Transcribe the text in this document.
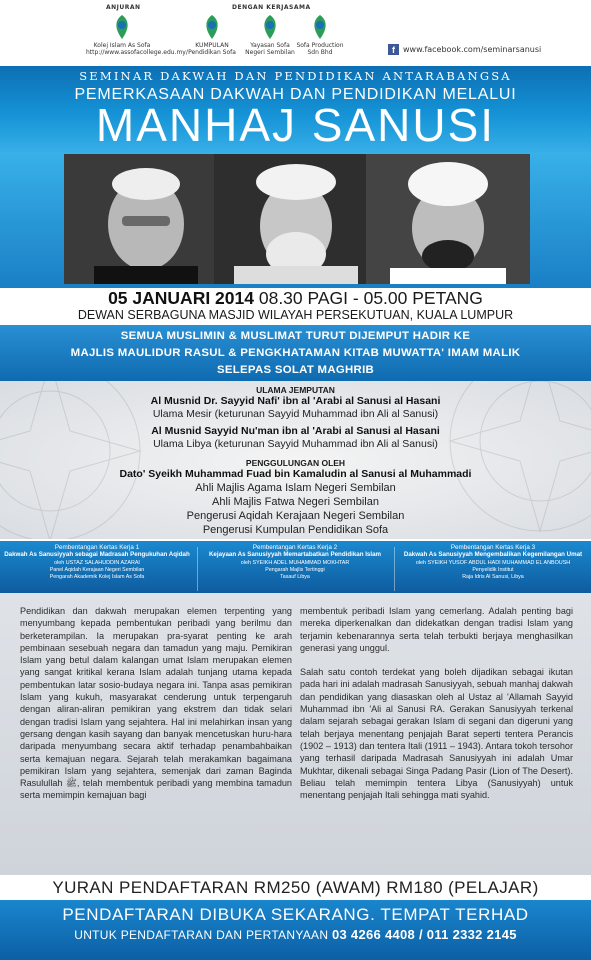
ANJURAN	DENGAN KERJASAMA
Kolej Islam As Sofa
http://www.assofacollege.edu.my/
KUMPULAN
Pendidikan Sofa
Yayasan Sofa
Negeri Sembilan
Sofa Production
Sdn Bhd	f	www.facebook.com/seminarsanusi
SEMINAR DAKWAH DAN PENDIDIKAN ANTARABANGSA
PEMERKASAAN DAKWAH DAN PENDIDIKAN MELALUI
MANHAJ SANUSI
05 JANUARI 2014 08.30 PAGI - 05.00 PETANG
DEWAN SERBAGUNA MASJID WILAYAH PERSEKUTUAN, KUALA LUMPUR
SEMUA MUSLIMIN & MUSLIMAT TURUT DIJEMPUT HADIR KE
MAJLIS MAULIDUR RASUL & PENGKHATAMAN KITAB MUWATTA' IMAM MALIK
SELEPAS SOLAT MAGHRIB
ULAMA JEMPUTAN
Al Musnid Dr. Sayyid Nafi' ibn al 'Arabi al Sanusi al Hasani
Ulama Mesir (keturunan Sayyid Muhammad ibn Ali al Sanusi)
Al Musnid Sayyid Nu'man ibn al 'Arabi al Sanusi al Hasani
Ulama Libya (keturunan Sayyid Muhammad ibn Ali al Sanusi)
PENGGULUNGAN OLEH
Dato' Syeikh Muhammad Fuad bin Kamaludin al Sanusi al Muhammadi
Ahli Majlis Agama Islam Negeri Sembilan
Ahli Majlis Fatwa Negeri Sembilan
Pengerusi Aqidah Kerajaan Negeri Sembilan
Pengerusi Kumpulan Pendidikan Sofa
Pembentangan Kertas Kerja 1
Dakwah As Sanusiyyah sebagai Madrasah Pengukuhan Aqidah
oleh USTAZ SALAHUDDIN AZARAI
Panel Aqidah Kerajaan Negeri Sembilan
Pengarah Akademik Kolej Islam As Sofa
Pembentangan Kertas Kerja 2
Kejayaan As Sanusiyyah Memartabatkan Pendidikan Islam
oleh SYEIKH ADEL MUHAMMAD MOKHTAR
Pengarah Majlis Tertinggi
Tasauf Libya
Pembentangan Kertas Kerja 3
Dakwah As Sanusiyyah Mengembalikan Kegemilangan Umat
oleh SYEIKH YUSOF ABDUL HADI MUHAMMAD EL ANBOUSH
Penyelidik Institut
Raja Idris Al Sanusi, Libya

Pendidikan dan dakwah merupakan elemen terpenting yang menyumbang kepada pembentukan peribadi yang berilmu dan berketerampilan. Ia merupakan pra-syarat penting ke arah pembinaan sesebuah negara dan tamadun yang maju. Pemikiran Islam yang betul dalam kalangan umat Islam merupakan elemen yang sangat kritikal kerana Islam adalah tunjang utama kepada pembentukan latar sosio-budaya negara ini. Tanpa asas pemikiran Islam yang kukuh, masyarakat cenderung untuk terpengaruh dengan aliran-aliran pemikiran yang ekstrem dan tidak selari dengan tradisi Islam yang sejahtera. Hal ini melahirkan insan yang gersang dengan kasih sayang dan banyak mencetuskan huru-hara daripada menyumbang secara aktif terhadap penambahbaikan serta kemajuan negara. Sejarah telah merakamkan bagaimana pemikiran Islam yang sejahtera, semenjak dari zaman Baginda Rasulullah ﷺ, telah membentuk peribadi yang membina tamadun serta memimpin kemajuan bagi

membentuk peribadi Islam yang cemerlang. Adalah penting bagi mereka diperkenalkan dan didekatkan dengan tradisi Islam yang terjamin kebenarannya serta telah terbukti berjaya menghasilkan generasi yang unggul.

Salah satu contoh terdekat yang boleh dijadikan sebagai ikutan pada hari ini adalah madrasah Sanusiyyah, sebuah manhaj dakwah dan pendidikan yang diasaskan oleh al Ustaz al 'Allamah Sayyid Muhammad ibn 'Ali al Sanusi RA. Gerakan Sanusiyyah terkenal dalam sejarah sebagai gerakan Islam di segani dan digeruni yang telah berjaya menentang penjajah Barat seperti tentera Perancis (1902 – 1913) dan tentera Itali (1911 – 1943). Antara tokoh tersohor yang terhasil daripada Madrasah Sanusiyyah ini adalah Umar Mukhtar, dikenali sebagai Singa Padang Pasir (Lion of The Desert). Beliau telah memimpin tentera Libya (Sanusiyyah) untuk menentang penjajah Itali sehingga mati syahid.

YURAN PENDAFTARAN RM250 (AWAM) RM180 (PELAJAR)
PENDAFTARAN DIBUKA SEKARANG. TEMPAT TERHAD
UNTUK PENDAFTARAN DAN PERTANYAAN 03 4266 4408 / 011 2332 2145
